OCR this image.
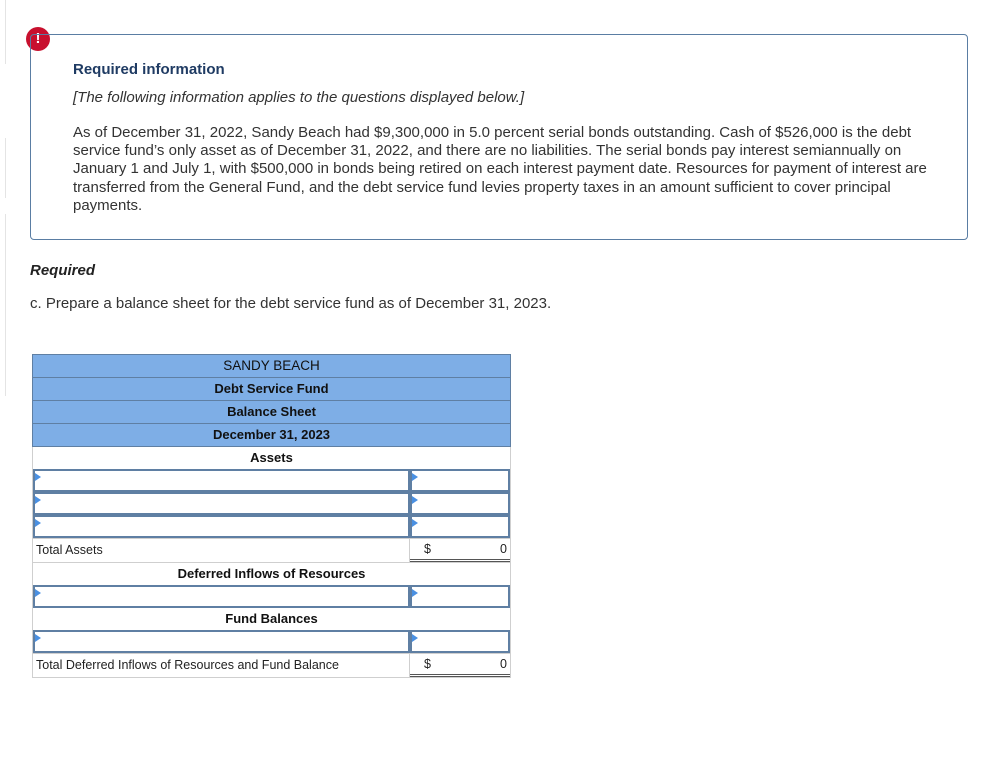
!
Required information
[The following information applies to the questions displayed below.]
As of December 31, 2022, Sandy Beach had $9,300,000 in 5.0 percent serial bonds outstanding. Cash of $526,000 is the debt service fund’s only asset as of December 31, 2022, and there are no liabilities. The serial bonds pay interest semiannually on January 1 and July 1, with $500,000 in bonds being retired on each interest payment date. Resources for payment of interest are transferred from the General Fund, and the debt service fund levies property taxes in an amount sufficient to cover principal payments.
Required
c. Prepare a balance sheet for the debt service fund as of December 31, 2023.
SANDY BEACH
Debt Service Fund
Balance Sheet
December 31, 2023
Assets
Total Assets	$	0
Deferred Inflows of Resources
Fund Balances
Total Deferred Inflows of Resources and Fund Balance	$	0
